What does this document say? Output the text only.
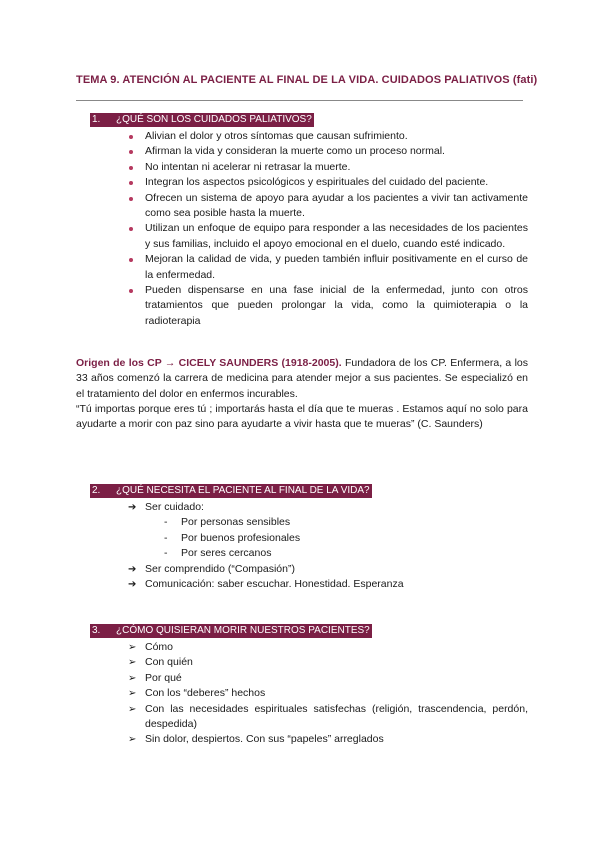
TEMA 9. ATENCIÓN AL PACIENTE AL FINAL DE LA VIDA. CUIDADOS PALIATIVOS (fati)
1. ¿QUÉ SON LOS CUIDADOS PALIATIVOS?
Alivian el dolor y otros síntomas que causan sufrimiento.
Afirman la vida y consideran la muerte como un proceso normal.
No intentan ni acelerar ni retrasar la muerte.
Integran los aspectos psicológicos y espirituales del cuidado del paciente.
Ofrecen un sistema de apoyo para ayudar a los pacientes a vivir tan activamente como sea posible hasta la muerte.
Utilizan un enfoque de equipo para responder a las necesidades de los pacientes y sus familias, incluido el apoyo emocional en el duelo, cuando esté indicado.
Mejoran la calidad de vida, y pueden también influir positivamente en el curso de la enfermedad.
Pueden dispensarse en una fase inicial de la enfermedad, junto con otros tratamientos que pueden prolongar la vida, como la quimioterapia o la radioterapia
Origen de los CP → CICELY SAUNDERS (1918-2005). Fundadora de los CP. Enfermera, a los 33 años comenzó la carrera de medicina para atender mejor a sus pacientes. Se especializó en el tratamiento del dolor en enfermos incurables.
“Tú importas porque eres tú ; importarás hasta el día que te mueras . Estamos aquí no solo para ayudarte a morir con paz sino para ayudarte a vivir hasta que te mueras” (C. Saunders)
2. ¿QUÉ NECESITA EL PACIENTE AL FINAL DE LA VIDA?
➔ Ser cuidado:
- Por personas sensibles
- Por buenos profesionales
- Por seres cercanos
➔ Ser comprendido (“Compasión”)
➔ Comunicación: saber escuchar. Honestidad. Esperanza
3. ¿CÓMO QUISIERAN MORIR NUESTROS PACIENTES?
➢ Cómo
➢ Con quién
➢ Por qué
➢ Con los “deberes” hechos
➢ Con las necesidades espirituales satisfechas (religión, trascendencia, perdón, despedida)
➢ Sin dolor, despiertos. Con sus “papeles” arreglados
